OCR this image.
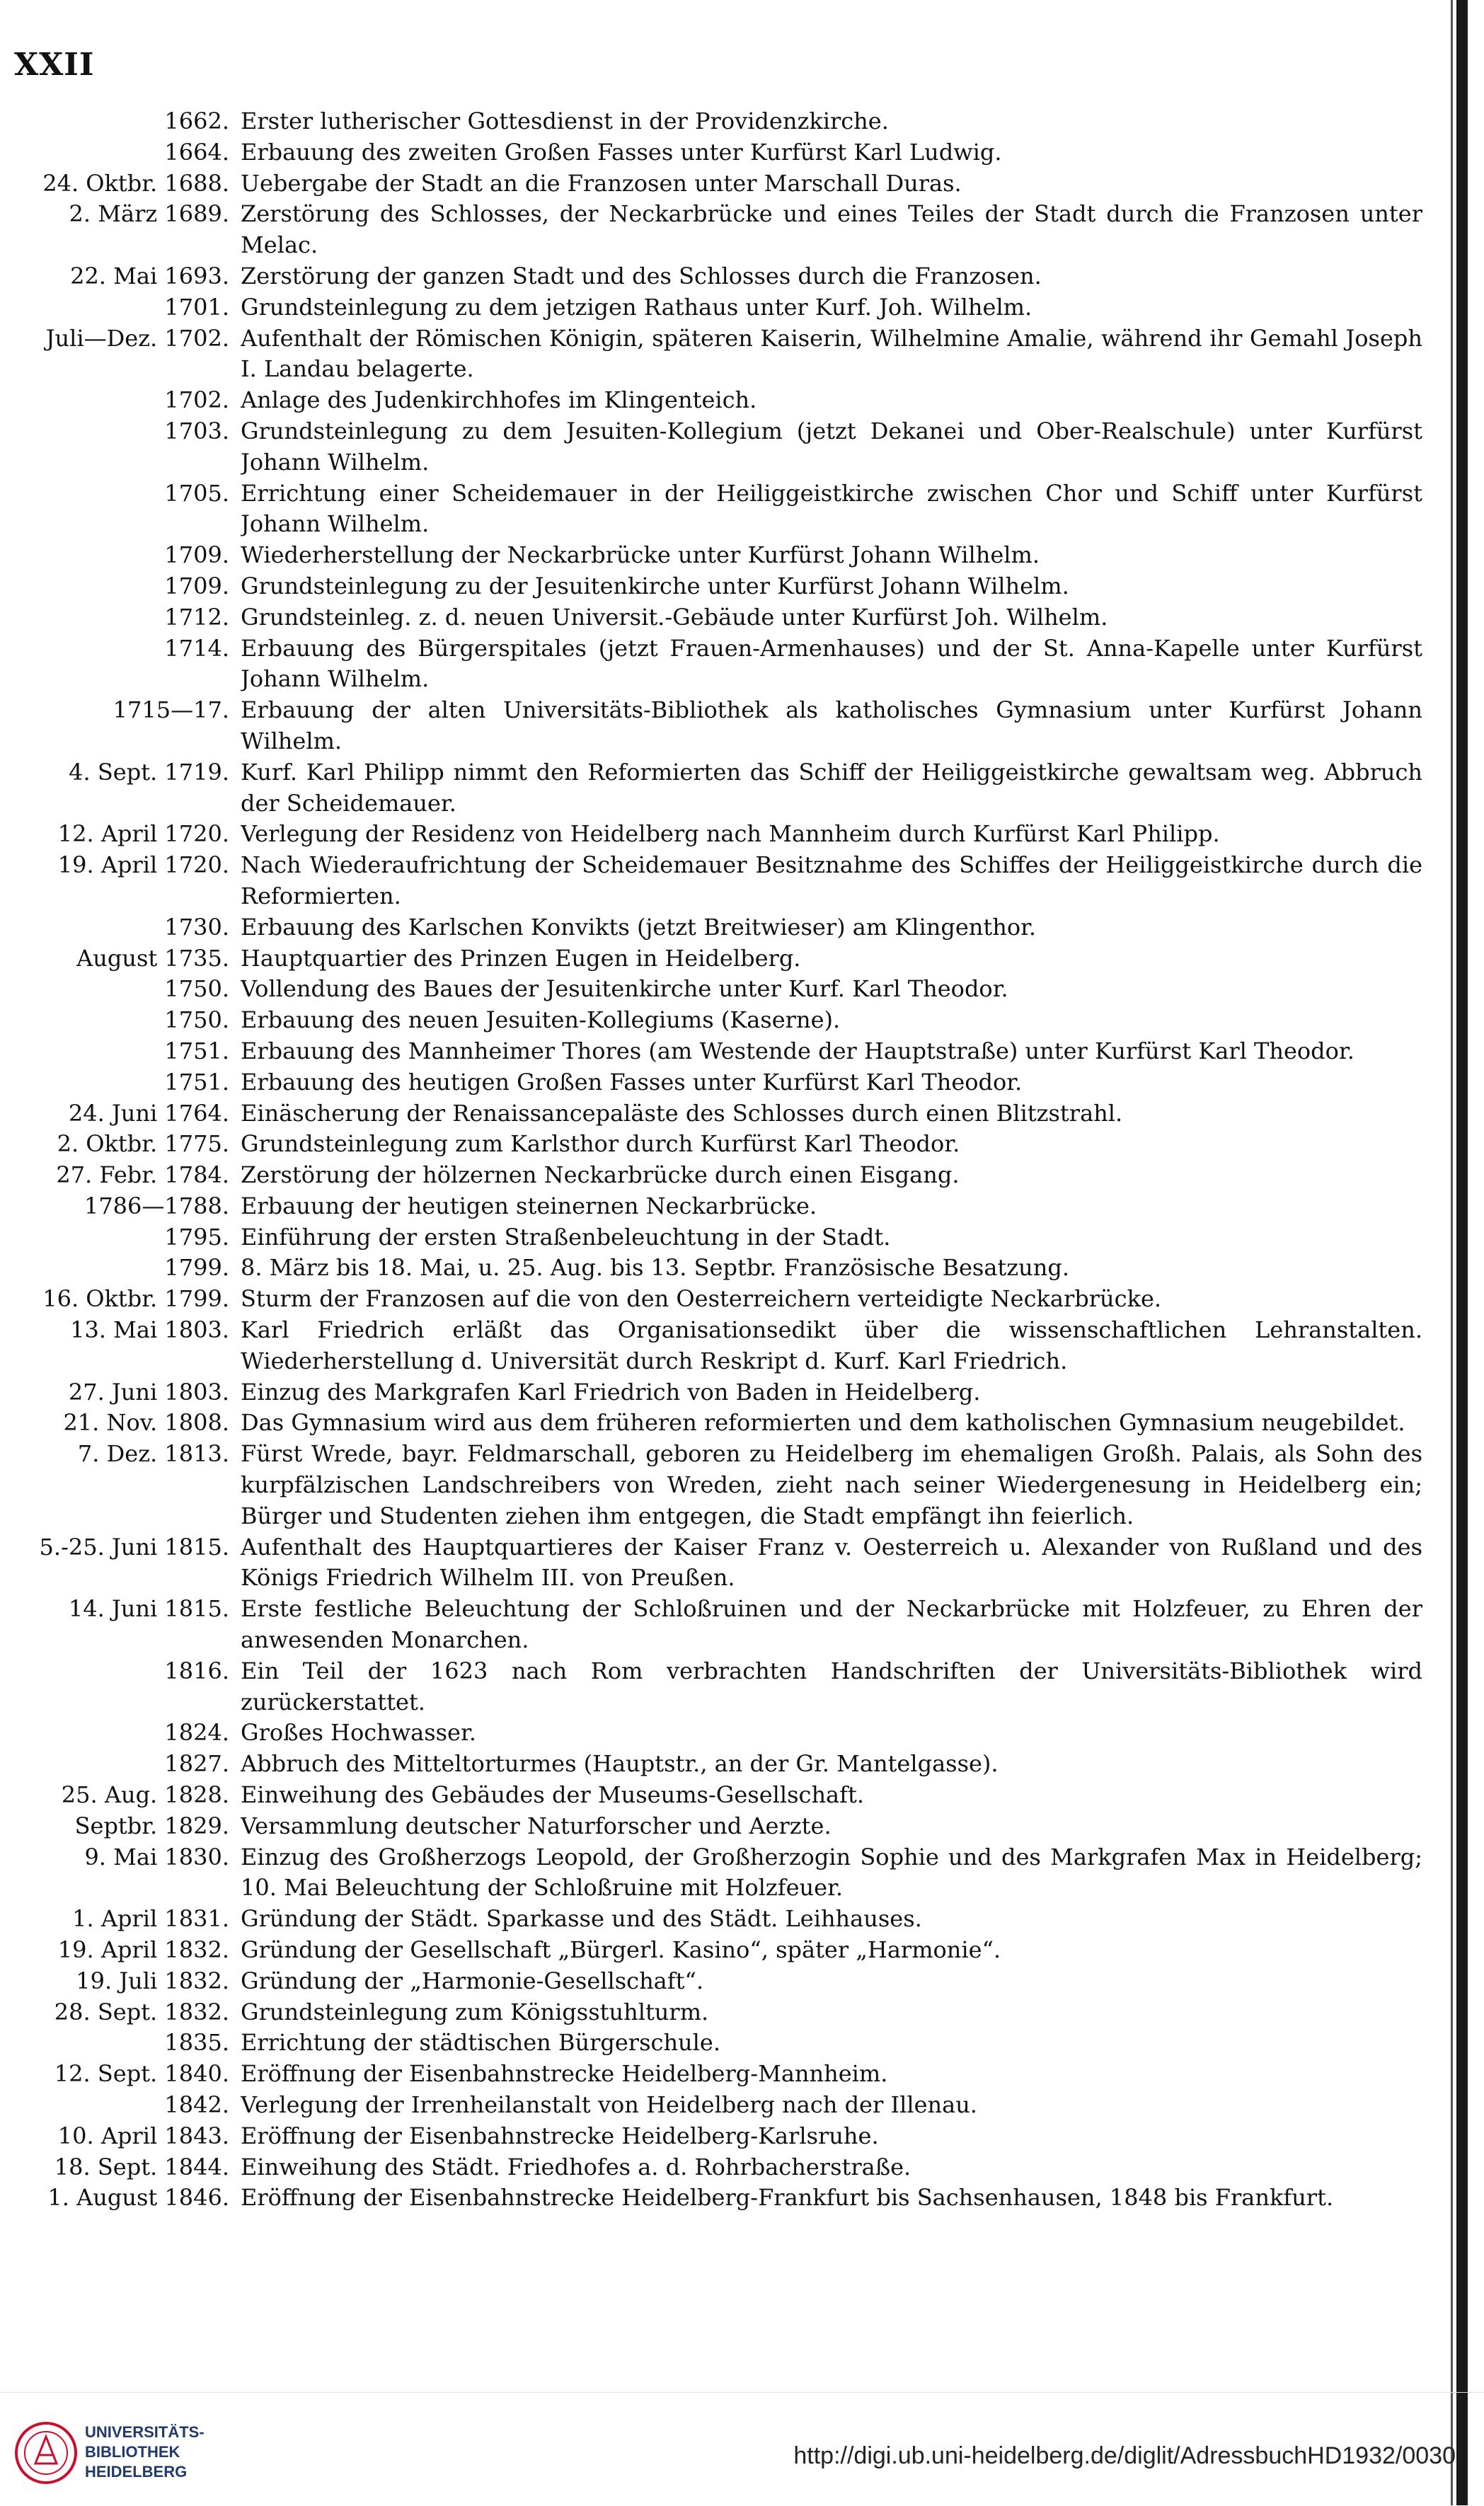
XXII
1662. Erster lutherischer Gottesdienst in der Providenzkirche.
1664. Erbauung des zweiten Großen Fasses unter Kurfürst Karl Ludwig.
24. Oktbr. 1688. Uebergabe der Stadt an die Franzosen unter Marschall Duras.
2. März 1689. Zerstörung des Schlosses, der Neckarbrücke und eines Teiles der Stadt durch die Franzosen unter Melac.
22. Mai 1693. Zerstörung der ganzen Stadt und des Schlosses durch die Franzosen.
1701. Grundsteinlegung zu dem jetzigen Rathaus unter Kurf. Joh. Wilhelm.
Juli—Dez. 1702. Aufenthalt der Römischen Königin, späteren Kaiserin, Wilhelmine Amalie, während ihr Gemahl Joseph I. Landau belagerte.
1702. Anlage des Judenkirchhofes im Klingenteich.
1703. Grundsteinlegung zu dem Jesuiten-Kollegium (jetzt Dekanei und Ober-Realschule) unter Kurfürst Johann Wilhelm.
1705. Errichtung einer Scheidemauer in der Heiliggeistkirche zwischen Chor und Schiff unter Kurfürst Johann Wilhelm.
1709. Wiederherstellung der Neckarbrücke unter Kurfürst Johann Wilhelm.
1709. Grundsteinlegung zu der Jesuitenkirche unter Kurfürst Johann Wilhelm.
1712. Grundsteinleg. z. d. neuen Universit.-Gebäude unter Kurfürst Joh. Wilhelm.
1714. Erbauung des Bürgerspitales (jetzt Frauen-Armenhauses) und der St. Anna-Kapelle unter Kurfürst Johann Wilhelm.
1715—17. Erbauung der alten Universitäts-Bibliothek als katholisches Gymnasium unter Kurfürst Johann Wilhelm.
4. Sept. 1719. Kurf. Karl Philipp nimmt den Reformierten das Schiff der Heiliggeistkirche gewaltsam weg. Abbruch der Scheidemauer.
12. April 1720. Verlegung der Residenz von Heidelberg nach Mannheim durch Kurfürst Karl Philipp.
19. April 1720. Nach Wiederaufrichtung der Scheidemauer Besitznahme des Schiffes der Heiliggeistkirche durch die Reformierten.
1730. Erbauung des Karlschen Konvikts (jetzt Breitwieser) am Klingenthor.
August 1735. Hauptquartier des Prinzen Eugen in Heidelberg.
1750. Vollendung des Baues der Jesuitenkirche unter Kurf. Karl Theodor.
1750. Erbauung des neuen Jesuiten-Kollegiums (Kaserne).
1751. Erbauung des Mannheimer Thores (am Westende der Hauptstraße) unter Kurfürst Karl Theodor.
1751. Erbauung des heutigen Großen Fasses unter Kurfürst Karl Theodor.
24. Juni 1764. Einäscherung der Renaissancepaläste des Schlosses durch einen Blitzstrahl.
2. Oktbr. 1775. Grundsteinlegung zum Karlsthor durch Kurfürst Karl Theodor.
27. Febr. 1784. Zerstörung der hölzernen Neckarbrücke durch einen Eisgang.
1786—1788. Erbauung der heutigen steinernen Neckarbrücke.
1795. Einführung der ersten Straßenbeleuchtung in der Stadt.
1799. 8. März bis 18. Mai, u. 25. Aug. bis 13. Septbr. Französische Besatzung.
16. Oktbr. 1799. Sturm der Franzosen auf die von den Oesterreichern verteidigte Neckarbrücke.
13. Mai 1803. Karl Friedrich erläßt das Organisationsedikt über die wissenschaftlichen Lehranstalten. Wiederherstellung d. Universität durch Reskript d. Kurf. Karl Friedrich.
27. Juni 1803. Einzug des Markgrafen Karl Friedrich von Baden in Heidelberg.
21. Nov. 1808. Das Gymnasium wird aus dem früheren reformierten und dem katholischen Gymnasium neugebildet.
7. Dez. 1813. Fürst Wrede, bayr. Feldmarschall, geboren zu Heidelberg im ehemaligen Großh. Palais, als Sohn des kurpfälzischen Landschreibers von Wreden, zieht nach seiner Wiedergenesung in Heidelberg ein; Bürger und Studenten ziehen ihm entgegen, die Stadt empfängt ihn feierlich.
5.-25. Juni 1815. Aufenthalt des Hauptquartieres der Kaiser Franz v. Oesterreich u. Alexander von Rußland und des Königs Friedrich Wilhelm III. von Preußen.
14. Juni 1815. Erste festliche Beleuchtung der Schloßruinen und der Neckarbrücke mit Holzfeuer, zu Ehren der anwesenden Monarchen.
1816. Ein Teil der 1623 nach Rom verbrachten Handschriften der Universitäts-Bibliothek wird zurückerstattet.
1824. Großes Hochwasser.
1827. Abbruch des Mitteltorturmes (Hauptstr., an der Gr. Mantelgasse).
25. Aug. 1828. Einweihung des Gebäudes der Museums-Gesellschaft.
Septbr. 1829. Versammlung deutscher Naturforscher und Aerzte.
9. Mai 1830. Einzug des Großherzogs Leopold, der Großherzogin Sophie und des Markgrafen Max in Heidelberg; 10. Mai Beleuchtung der Schloßruine mit Holzfeuer.
1. April 1831. Gründung der Städt. Sparkasse und des Städt. Leihhauses.
19. April 1832. Gründung der Gesellschaft „Bürgerl. Kasino“, später „Harmonie“.
19. Juli 1832. Gründung der „Harmonie-Gesellschaft“.
28. Sept. 1832. Grundsteinlegung zum Königsstuhlturm.
1835. Errichtung der städtischen Bürgerschule.
12. Sept. 1840. Eröffnung der Eisenbahnstrecke Heidelberg-Mannheim.
1842. Verlegung der Irrenheilanstalt von Heidelberg nach der Illenau.
10. April 1843. Eröffnung der Eisenbahnstrecke Heidelberg-Karlsruhe.
18. Sept. 1844. Einweihung des Städt. Friedhofes a. d. Rohrbacherstraße.
1. August 1846. Eröffnung der Eisenbahnstrecke Heidelberg-Frankfurt bis Sachsenhausen, 1848 bis Frankfurt.
UNIVERSITÄTS-
BIBLIOTHEK
HEIDELBERG
http://digi.ub.uni-heidelberg.de/diglit/AdressbuchHD1932/0030
